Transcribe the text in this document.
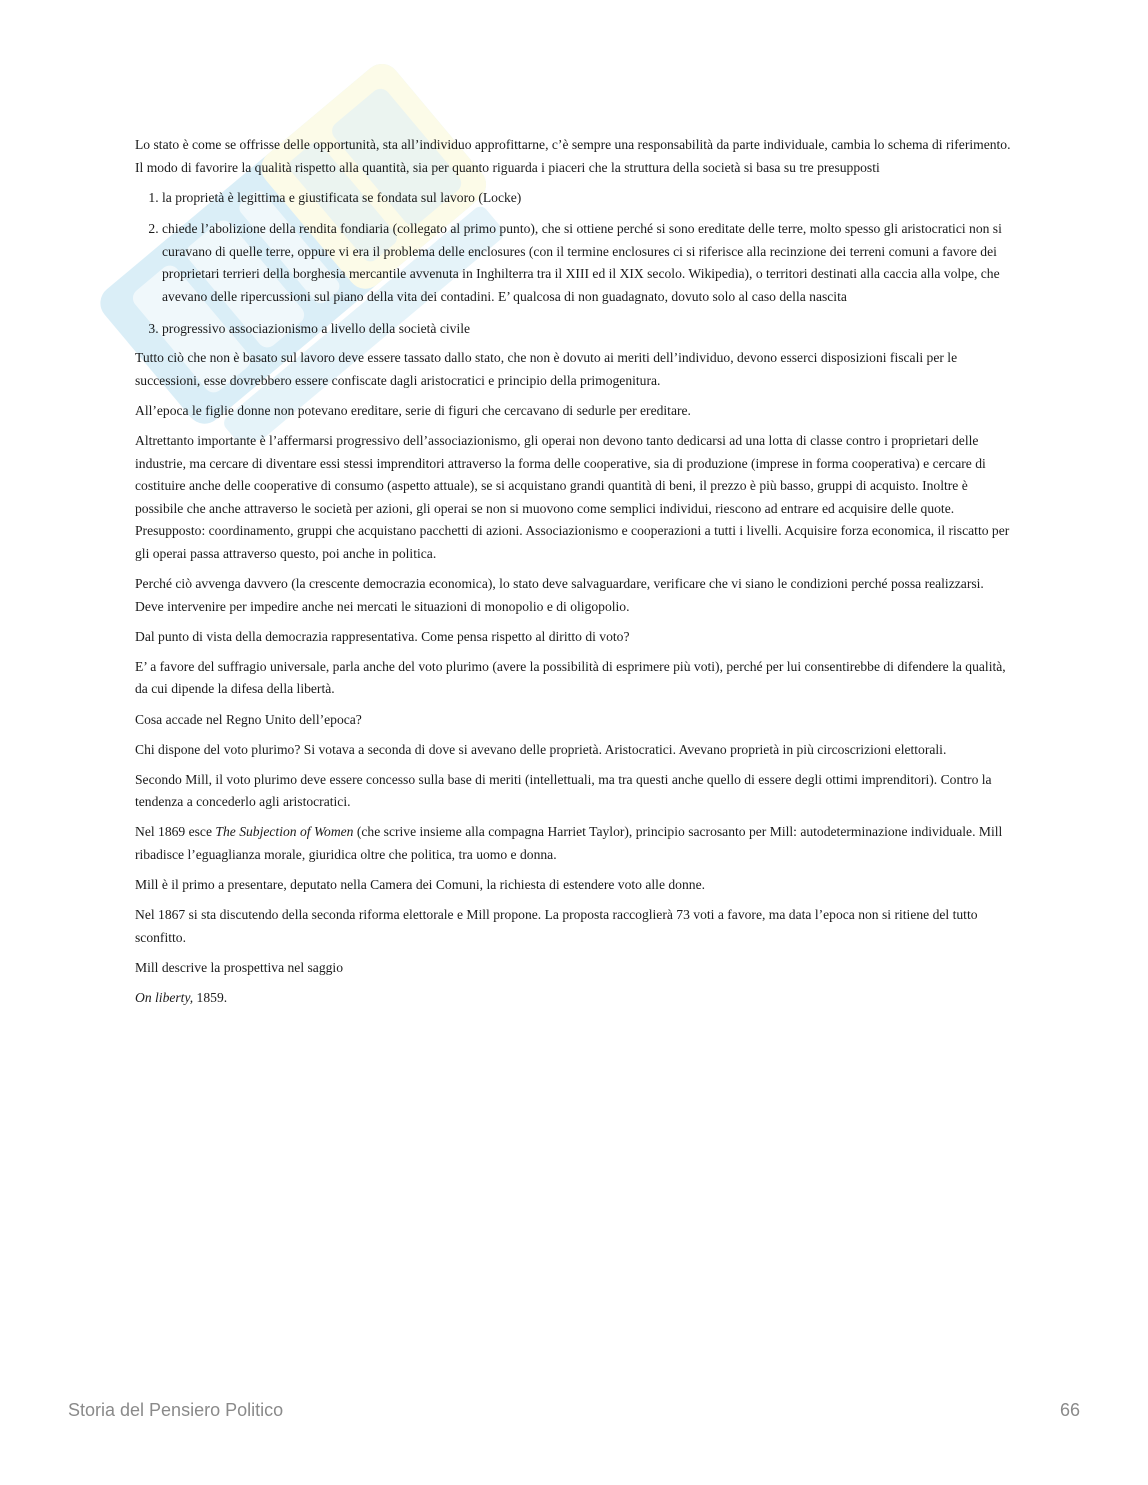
Lo stato è come se offrisse delle opportunità, sta all’individuo approfittarne, c’è sempre una responsabilità da parte individuale, cambia lo schema di riferimento. Il modo di favorire la qualità rispetto alla quantità, sia per quanto riguarda i piaceri che la struttura della società si basa su tre presupposti

1. la proprietà è legittima e giustificata se fondata sul lavoro (Locke)
2. chiede l’abolizione della rendita fondiaria (collegato al primo punto), che si ottiene perché si sono ereditate delle terre, molto spesso gli aristocratici non si curavano di quelle terre, oppure vi era il problema delle enclosures (con il termine enclosures ci si riferisce alla recinzione dei terreni comuni a favore dei proprietari terrieri della borghesia mercantile avvenuta in Inghilterra tra il XIII ed il XIX secolo. Wikipedia), o territori destinati alla caccia alla volpe, che avevano delle ripercussioni sul piano della vita dei contadini. E’ qualcosa di non guadagnato, dovuto solo al caso della nascita
3. progressivo associazionismo a livello della società civile

Tutto ciò che non è basato sul lavoro deve essere tassato dallo stato, che non è dovuto ai meriti dell’individuo, devono esserci disposizioni fiscali per le successioni, esse dovrebbero essere confiscate dagli aristocratici e principio della primogenitura.

All’epoca le figlie donne non potevano ereditare, serie di figuri che cercavano di sedurle per ereditare.

Altrettanto importante è l’affermarsi progressivo dell’associazionismo, gli operai non devono tanto dedicarsi ad una lotta di classe contro i proprietari delle industrie, ma cercare di diventare essi stessi imprenditori attraverso la forma delle cooperative, sia di produzione (imprese in forma cooperativa) e cercare di costituire anche delle cooperative di consumo (aspetto attuale), se si acquistano grandi quantità di beni, il prezzo è più basso, gruppi di acquisto. Inoltre è possibile che anche attraverso le società per azioni, gli operai se non si muovono come semplici individui, riescono ad entrare ed acquisire delle quote. Presupposto: coordinamento, gruppi che acquistano pacchetti di azioni. Associazionismo e cooperazioni a tutti i livelli. Acquisire forza economica, il riscatto per gli operai passa attraverso questo, poi anche in politica.

Perché ciò avvenga davvero (la crescente democrazia economica), lo stato deve salvaguardare, verificare che vi siano le condizioni perché possa realizzarsi. Deve intervenire per impedire anche nei mercati le situazioni di monopolio e di oligopolio.

Dal punto di vista della democrazia rappresentativa. Come pensa rispetto al diritto di voto?

E’ a favore del suffragio universale, parla anche del voto plurimo (avere la possibilità di esprimere più voti), perché per lui consentirebbe di difendere la qualità, da cui dipende la difesa della libertà.

Cosa accade nel Regno Unito dell’epoca?

Chi dispone del voto plurimo? Si votava a seconda di dove si avevano delle proprietà. Aristocratici. Avevano proprietà in più circoscrizioni elettorali.

Secondo Mill, il voto plurimo deve essere concesso sulla base di meriti (intellettuali, ma tra questi anche quello di essere degli ottimi imprenditori). Contro la tendenza a concederlo agli aristocratici.

Nel 1869 esce The Subjection of Women (che scrive insieme alla compagna Harriet Taylor), principio sacrosanto per Mill: autodeterminazione individuale. Mill ribadisce l’eguaglianza morale, giuridica oltre che politica, tra uomo e donna.

Mill è il primo a presentare, deputato nella Camera dei Comuni, la richiesta di estendere voto alle donne.

Nel 1867 si sta discutendo della seconda riforma elettorale e Mill propone. La proposta raccoglierà 73 voti a favore, ma data l’epoca non si ritiene del tutto sconfitto.

Mill descrive la prospettiva nel saggio

On liberty, 1859.

Storia del Pensiero Politico	66
